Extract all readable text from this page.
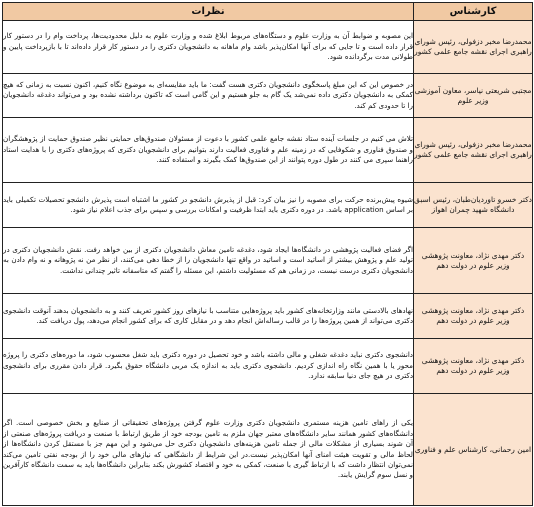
کارشناس	نظرات
محمدرضا مخبر دزفولی، رئیس شورای راهبری اجرای نقشه جامع علمی کشور	این مصوبه و ضوابط آن به وزارت علوم و دستگاه‌های مربوط ابلاغ شده و وزارت علوم به دلیل محدودیت‌ها، پرداخت وام را در دستور کار قرار داده است و تا جایی که برای آنها امکان‌پذیر باشد وام ماهانه به دانشجویان دکتری را در دستور کار قرار داده‌اند تا با بازپرداخت پایین و طولانی مدت برگردانده شود.
مجتبی شریعتی نیاسر، معاون آموزشی وزیر علوم	در خصوص این که این مبلغ پاسخگوی دانشجویان دکتری هست گفت: ما باید مقایسه‌ای به موضوع نگاه کنیم، اکنون نسبت به زمانی که هیچ کمکی به دانشجویان دکتری داده نمی‌شد یک گام به جلو هستیم و این گامی است که تاکنون برداشته نشده بود و می‌تواند دغدغه دانشجویان را تا حدودی کم کند.
محمدرضا مخبر دزفولی، رئیس شورای راهبری اجرای نقشه جامع علمی کشور	تلاش می کنیم در جلسات آینده ستاد نقشه جامع علمی کشور با دعوت از مسئولان صندوق‌های حمایتی نظیر صندوق حمایت از پژوهشگران و صندوق فناوری و شکوفایی که در زمینه علم و فناوری فعالیت دارند بتوانیم برای دانشجویان دکتری که پروژه‌های دکتری را با هدایت استاد راهنما سپری می کنند در طول دوره پتوانند از این صندوق‌ها کمک بگیرند و استفاده کنند.
دکتر خسرو تاوردیان‌طبان، رئیس اسبق دانشگاه شهید چمران اهواز	شیوه پیش‌برنده حرکت برای مصوبه را نیز بیان کرد: قبل از پذیرش دانشجو در کشور ما اشتباه است پذیرش دانشجو تحصیلات تکمیلی باید بر اساس application باشد. در دوره دکتری باید ابتدا ظرفیت و امکانات بررسی و سپس برای جذب اعلام نیاز شود.
دکتر مهدی نژاد، معاونت پژوهشی وزیر علوم در دولت دهم	اگر فضای فعالیت پژوهشی در دانشگاه‌ها ایجاد شود، دغدغه تامین معاش دانشجویان دکتری از بین خواهد رفت. نقش دانشجویان دکتری در تولید علم و پژوهش بیشتر از اساتید است و اساتید در واقع تنها دانشجویان را از خطا دهی می‌کنند، از نظر من نه پژوهانه و نه وام دادن به دانشجویان دکتری درست نیست، در زمانی هم که مسئولیت داشتم، این مسئله را گفتم که متاسفانه تاثیر چندانی نداشت.
دکتر مهدی نژاد، معاونت پژوهشی وزیر علوم در دولت دهم	نهادهای بالادستی مانند وزارتخانه‌های کشور باید پروژه‌هایی متناسب با نیازهای روز کشور تعریف کنند و به دانشجویان بدهند آنوقت دانشجوی دکتری می‌تواند از همین پروژه‌ها را در قالب رساله‌اش انجام دهد و در مقابل کاری که برای کشور انجام می‌دهد، پول دریافت کند.
دکتر مهدی نژاد، معاونت پژوهشی وزیر علوم در دولت دهم	دانشجوی دکتری نباید دغدغه شغلی و مالی داشته باشد و خود تحصیل در دوره دکتری باید شغل محسوب شود، ما دوره‌های دکتری را پروژه محور یا با همین نگاه راه اندازی کردیم. دانشجوی دکتری باید به اندازه یک مربی دانشگاه حقوق بگیرد. قرار دادن مقرری برای دانشجوی دکتری در هیچ جای دنیا سابقه ندارد.
امین رحمانی، کارشناس علم و فناوری	یکی از راهای تامین هزینه مستمری دانشجویان دکتری وزارت علوم گرفتن پروژه‌های تحقیقاتی از صنایع و بخش خصوصی است. اگر دانشگاه‌های کشور همانند سایر دانشگاه‌های معتبر جهان ملزم به تامین بودجه خود از طریق ارتباط با صنعت و دریافت پروژه‌های صنعتی از آن شوند بسیاری از مشکلات مالی از جمله تامین هزینه‌های دانشجویان دکتری حل می‌شود و این مهم جز با مستقل کردن دانشگاه‌ها از لحاظ مالی و تقویت هیئت امنای آنها امکان‌پذیر نیست.در این شرایط از دانشگاهی که نیازهای مالی خود را از بودجه نفتی تامین می‌کند نمی‌توان انتظار داشت که با ارتباط گیری با صنعت، کمکی به خود و اقتصاد کشورش بکند بنابراین دانشگاه‌ها باید به سمت دانشگاه کارآفرین و نسل سوم گرایش یابند.
